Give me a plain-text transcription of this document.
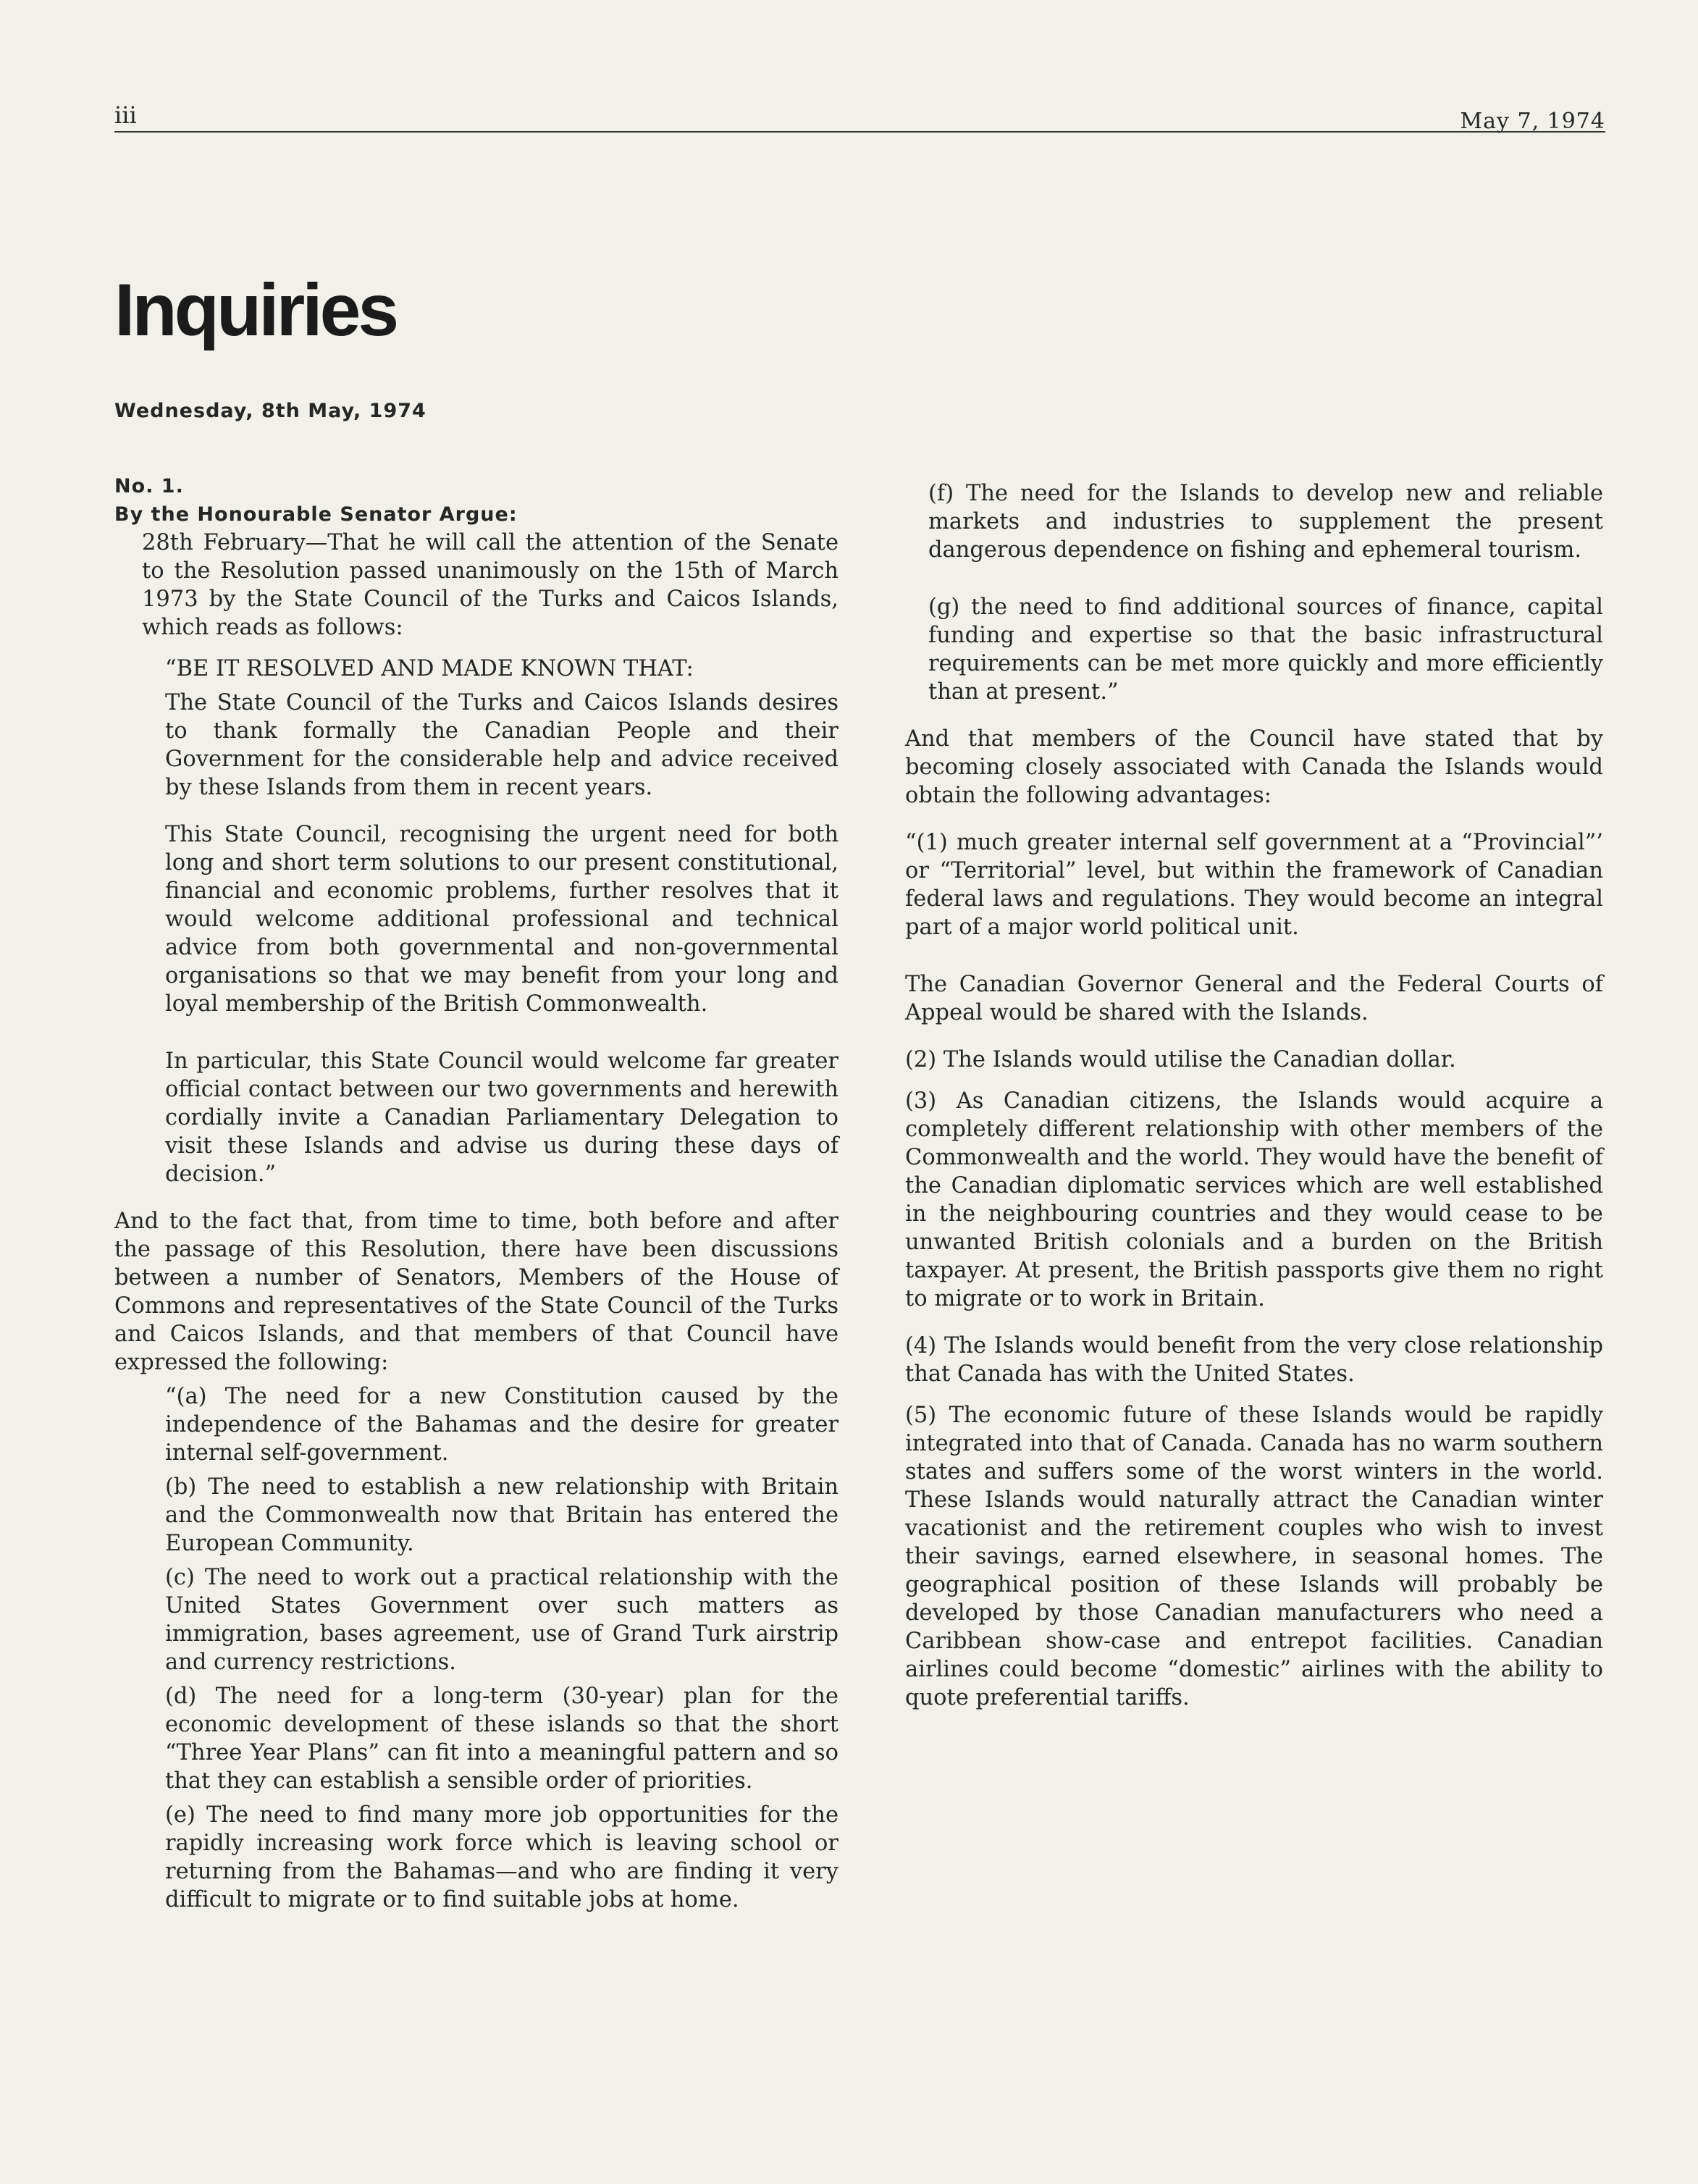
iii	May 7, 1974
Inquiries
Wednesday, 8th May, 1974

No. 1.

By the Honourable Senator Argue:

28th February—That he will call the attention of the Senate to the Resolution passed unanimously on the 15th of March 1973 by the State Council of the Turks and Caicos Islands, which reads as follows:

“BE IT RESOLVED AND MADE KNOWN THAT:

The State Council of the Turks and Caicos Islands desires to thank formally the Canadian People and their Government for the considerable help and advice received by these Islands from them in recent years.

This State Council, recognising the urgent need for both long and short term solutions to our present constitutional, financial and economic problems, further resolves that it would welcome additional professional and technical advice from both governmental and non-governmental organisations so that we may benefit from your long and loyal membership of the British Commonwealth.

In particular, this State Council would welcome far greater official contact between our two governments and herewith cordially invite a Canadian Parliamentary Delegation to visit these Islands and advise us during these days of decision.”

And to the fact that, from time to time, both before and after the passage of this Resolution, there have been discussions between a number of Senators, Members of the House of Commons and representatives of the State Council of the Turks and Caicos Islands, and that members of that Council have expressed the following:

“(a) The need for a new Constitution caused by the independence of the Bahamas and the desire for greater internal self-government.

(b) The need to establish a new relationship with Britain and the Commonwealth now that Britain has entered the European Community.

(c) The need to work out a practical relationship with the United States Government over such matters as immigration, bases agreement, use of Grand Turk airstrip and currency restrictions.

(d) The need for a long-term (30-year) plan for the economic development of these islands so that the short “Three Year Plans” can fit into a meaningful pattern and so that they can establish a sensible order of priorities.

(e) The need to find many more job opportunities for the rapidly increasing work force which is leaving school or returning from the Bahamas—and who are finding it very difficult to migrate or to find suitable jobs at home.

(f) The need for the Islands to develop new and reliable markets and industries to supplement the present dangerous dependence on fishing and ephemeral tourism.

(g) the need to find additional sources of finance, capital funding and expertise so that the basic infrastructural requirements can be met more quickly and more efficiently than at present.”

And that members of the Council have stated that by becoming closely associated with Canada the Islands would obtain the following advantages:

“(1) much greater internal self government at a “Provincial”’ or “Territorial” level, but within the framework of Canadian federal laws and regulations. They would become an integral part of a major world political unit.

The Canadian Governor General and the Federal Courts of Appeal would be shared with the Islands.

(2) The Islands would utilise the Canadian dollar.

(3) As Canadian citizens, the Islands would acquire a completely different relationship with other members of the Commonwealth and the world. They would have the benefit of the Canadian diplomatic services which are well established in the neighbouring countries and they would cease to be unwanted British colonials and a burden on the British taxpayer. At present, the British passports give them no right to migrate or to work in Britain.

(4) The Islands would benefit from the very close relationship that Canada has with the United States.

(5) The economic future of these Islands would be rapidly integrated into that of Canada. Canada has no warm southern states and suffers some of the worst winters in the world. These Islands would naturally attract the Canadian winter vacationist and the retirement couples who wish to invest their savings, earned elsewhere, in seasonal homes. The geographical position of these Islands will probably be developed by those Canadian manufacturers who need a Caribbean show-case and entrepot facilities. Canadian airlines could become “domestic” airlines with the ability to quote preferential tariffs.
